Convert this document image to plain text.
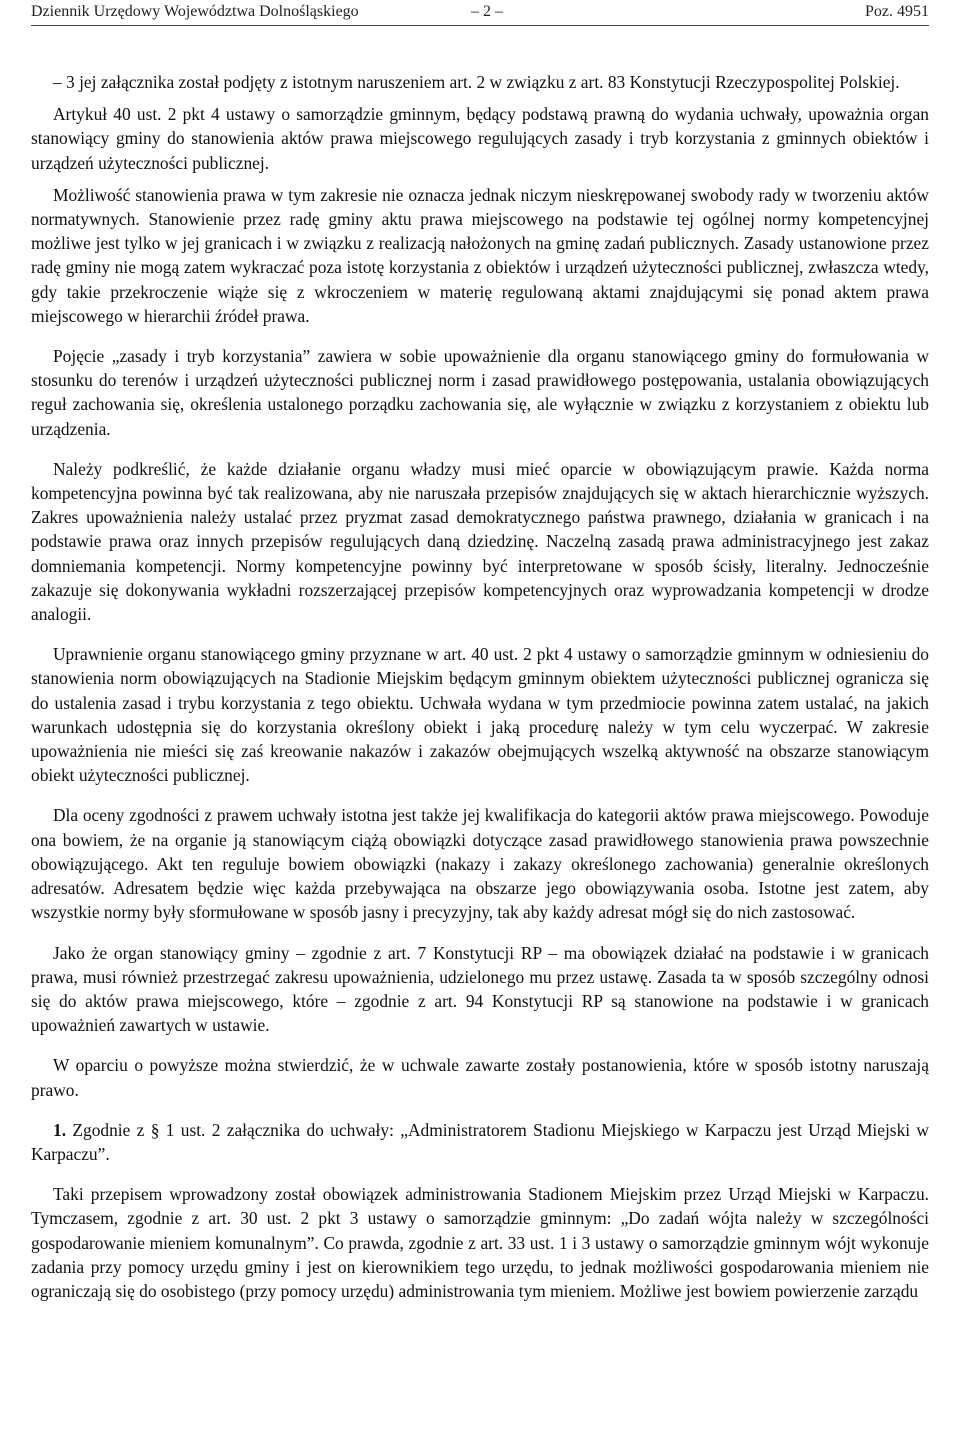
Dziennik Urzędowy Województwa Dolnośląskiego	– 2 –	Poz. 4951

– 3 jej załącznika został podjęty z istotnym naruszeniem art. 2 w związku z art. 83 Konstytucji Rzeczypospolitej Polskiej.

Artykuł 40 ust. 2 pkt 4 ustawy o samorządzie gminnym, będący podstawą prawną do wydania uchwały, upoważnia organ stanowiący gminy do stanowienia aktów prawa miejscowego regulujących zasady i tryb korzystania z gminnych obiektów i urządzeń użyteczności publicznej.

Możliwość stanowienia prawa w tym zakresie nie oznacza jednak niczym nieskrępowanej swobody rady w tworzeniu aktów normatywnych. Stanowienie przez radę gminy aktu prawa miejscowego na podstawie tej ogólnej normy kompetencyjnej możliwe jest tylko w jej granicach i w związku z realizacją nałożonych na gminę zadań publicznych. Zasady ustanowione przez radę gminy nie mogą zatem wykraczać poza istotę korzystania z obiektów i urządzeń użyteczności publicznej, zwłaszcza wtedy, gdy takie przekroczenie wiąże się z wkroczeniem w materię regulowaną aktami znajdującymi się ponad aktem prawa miejscowego w hierarchii źródeł prawa.

Pojęcie „zasady i tryb korzystania” zawiera w sobie upoważnienie dla organu stanowiącego gminy do formułowania w stosunku do terenów i urządzeń użyteczności publicznej norm i zasad prawidłowego postępowania, ustalania obowiązujących reguł zachowania się, określenia ustalonego porządku zachowania się, ale wyłącznie w związku z korzystaniem z obiektu lub urządzenia.

Należy podkreślić, że każde działanie organu władzy musi mieć oparcie w obowiązującym prawie. Każda norma kompetencyjna powinna być tak realizowana, aby nie naruszała przepisów znajdujących się w aktach hierarchicznie wyższych. Zakres upoważnienia należy ustalać przez pryzmat zasad demokratycznego państwa prawnego, działania w granicach i na podstawie prawa oraz innych przepisów regulujących daną dziedzinę. Naczelną zasadą prawa administracyjnego jest zakaz domniemania kompetencji. Normy kompetencyjne powinny być interpretowane w sposób ścisły, literalny. Jednocześnie zakazuje się dokonywania wykładni rozszerzającej przepisów kompetencyjnych oraz wyprowadzania kompetencji w drodze analogii.

Uprawnienie organu stanowiącego gminy przyznane w art. 40 ust. 2 pkt 4 ustawy o samorządzie gminnym w odniesieniu do stanowienia norm obowiązujących na Stadionie Miejskim będącym gminnym obiektem użyteczności publicznej ogranicza się do ustalenia zasad i trybu korzystania z tego obiektu. Uchwała wydana w tym przedmiocie powinna zatem ustalać, na jakich warunkach udostępnia się do korzystania określony obiekt i jaką procedurę należy w tym celu wyczerpać. W zakresie upoważnienia nie mieści się zaś kreowanie nakazów i zakazów obejmujących wszelką aktywność na obszarze stanowiącym obiekt użyteczności publicznej.

Dla oceny zgodności z prawem uchwały istotna jest także jej kwalifikacja do kategorii aktów prawa miejscowego. Powoduje ona bowiem, że na organie ją stanowiącym ciążą obowiązki dotyczące zasad prawidłowego stanowienia prawa powszechnie obowiązującego. Akt ten reguluje bowiem obowiązki (nakazy i zakazy określonego zachowania) generalnie określonych adresatów. Adresatem będzie więc każda przebywająca na obszarze jego obowiązywania osoba. Istotne jest zatem, aby wszystkie normy były sformułowane w sposób jasny i precyzyjny, tak aby każdy adresat mógł się do nich zastosować.

Jako że organ stanowiący gminy – zgodnie z art. 7 Konstytucji RP – ma obowiązek działać na podstawie i w granicach prawa, musi również przestrzegać zakresu upoważnienia, udzielonego mu przez ustawę. Zasada ta w sposób szczególny odnosi się do aktów prawa miejscowego, które – zgodnie z art. 94 Konstytucji RP są stanowione na podstawie i w granicach upoważnień zawartych w ustawie.

W oparciu o powyższe można stwierdzić, że w uchwale zawarte zostały postanowienia, które w sposób istotny naruszają prawo.

1. Zgodnie z § 1 ust. 2 załącznika do uchwały: „Administratorem Stadionu Miejskiego w Karpaczu jest Urząd Miejski w Karpaczu”.

Taki przepisem wprowadzony został obowiązek administrowania Stadionem Miejskim przez Urząd Miejski w Karpaczu. Tymczasem, zgodnie z art. 30 ust. 2 pkt 3 ustawy o samorządzie gminnym: „Do zadań wójta należy w szczególności gospodarowanie mieniem komunalnym”. Co prawda, zgodnie z art. 33 ust. 1 i 3 ustawy o samorządzie gminnym wójt wykonuje zadania przy pomocy urzędu gminy i jest on kierownikiem tego urzędu, to jednak możliwości gospodarowania mieniem nie ograniczają się do osobistego (przy pomocy urzędu) administrowania tym mieniem. Możliwe jest bowiem powierzenie zarządu
